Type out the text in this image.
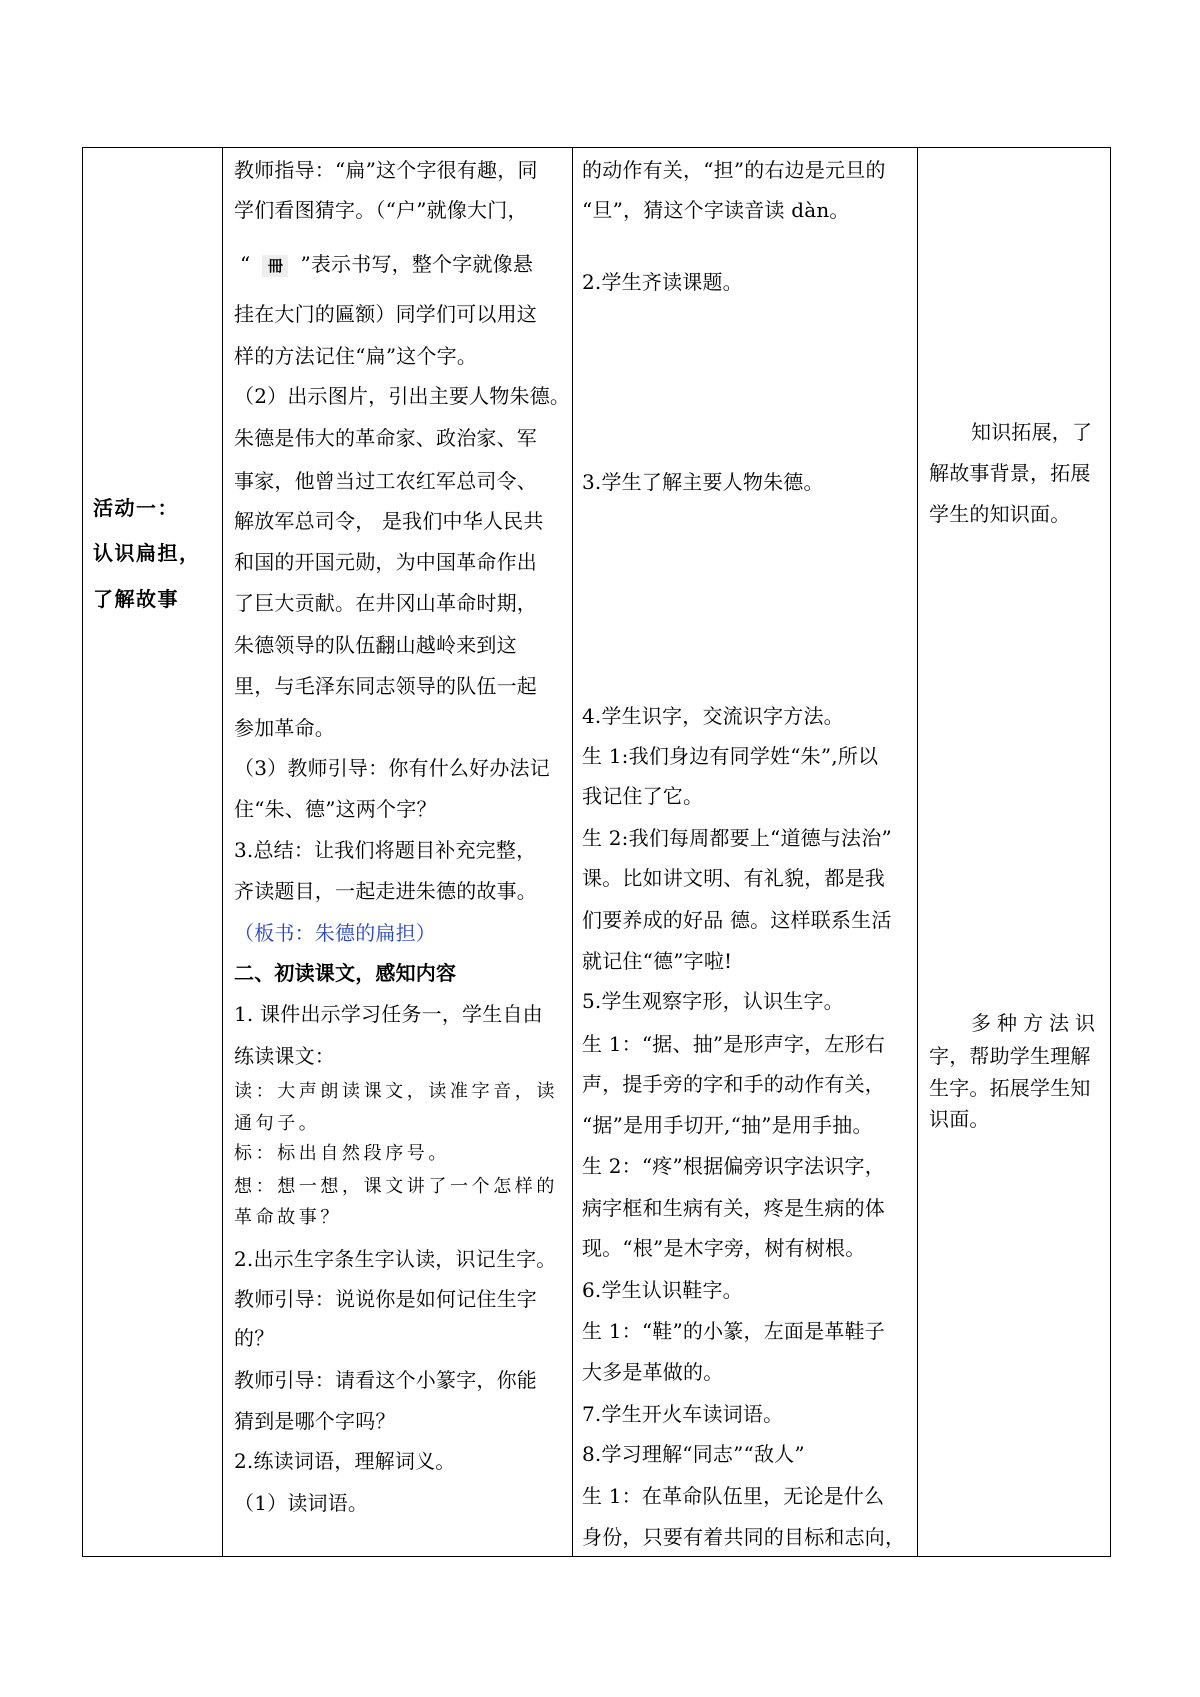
活动一：
认识扁担，
了解故事
教师指导：“扁”这个字很有趣，同
学们看图猜字。（“户”就像大门，
“ 冊 ”表示书写，整个字就像悬
挂在大门的匾额）同学们可以用这
样的方法记住“扁”这个字。
（2）出示图片，引出主要人物朱德。
朱德是伟大的革命家、政治家、军
事家，他曾当过工农红军总司令、
解放军总司令， 是我们中华人民共
和国的开国元勋，为中国革命作出
了巨大贡献。在井冈山革命时期，
朱德领导的队伍翻山越岭来到这
里，与毛泽东同志领导的队伍一起
参加革命。
（3）教师引导：你有什么好办法记
住“朱、德”这两个字？
3.总结：让我们将题目补充完整，
齐读题目，一起走进朱德的故事。
（板书：朱德的扁担）
二、初读课文，感知内容
1. 课件出示学习任务一，学生自由
练读课文：
读：大声朗读课文，读准字音，读
通句子。
标：标出自然段序号。
想：想一想，课文讲了一个怎样的
革命故事？
2.出示生字条生字认读，识记生字。
教师引导：说说你是如何记住生字
的？
教师引导：请看这个小篆字，你能
猜到是哪个字吗？
2.练读词语，理解词义。
（1）读词语。
的动作有关，“担”的右边是元旦的
“旦”，猜这个字读音读 dàn。
2.学生齐读课题。
3.学生了解主要人物朱德。
4.学生识字，交流识字方法。
生 1:我们身边有同学姓“朱”,所以
我记住了它。
生 2:我们每周都要上“道德与法治”
课。比如讲文明、有礼貌，都是我
们要养成的好品 德。这样联系生活
就记住“德”字啦!
5.学生观察字形，认识生字。
生 1：“据、抽”是形声字，左形右
声，提手旁的字和手的动作有关，
“据”是用手切开,“抽”是用手抽。
生 2：“疼”根据偏旁识字法识字，
病字框和生病有关，疼是生病的体
现。“根”是木字旁，树有树根。
6.学生认识鞋字。
生 1：“鞋”的小篆，左面是革鞋子
大多是革做的。
7.学生开火车读词语。
8.学习理解“同志”“敌人”
生 1：在革命队伍里，无论是什么
身份，只要有着共同的目标和志向，
知识拓展，了
解故事背景，拓展
学生的知识面。
多种方法识
字，帮助学生理解
生字。拓展学生知
识面。
